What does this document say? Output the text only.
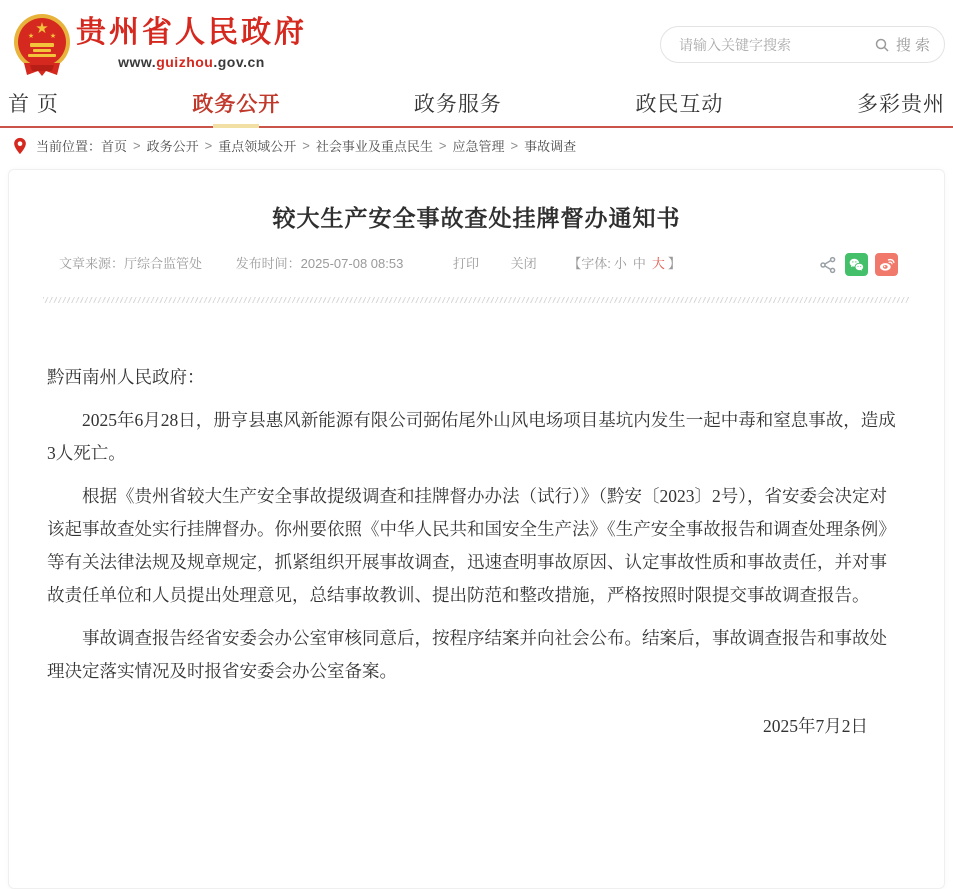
★
★ ★ 贵州省人民政府
www.guizhou.gov.cn
请输入关键字搜索
搜 索
首 页	政务公开	政务服务	政民互动	多彩贵州
当前位置： 首页 > 政务公开 > 重点领域公开 > 社会事业及重点民生 > 应急管理 > 事故调查
较大生产安全事故查处挂牌督办通知书
文章来源：厅综合监管处	发布时间：2025-07-08 08:53	打印 关闭 【字体: 小 中 大 】

黔西南州人民政府：

2025年6月28日，册亨县惠风新能源有限公司弼佑尾外山风电场项目基坑内发生一起中毒和窒息事故，造成3人死亡。

根据《贵州省较大生产安全事故提级调查和挂牌督办办法（试行）》（黔安〔2023〕2号），省安委会决定对该起事故查处实行挂牌督办。你州要依照《中华人民共和国安全生产法》《生产安全事故报告和调查处理条例》等有关法律法规及规章规定，抓紧组织开展事故调查，迅速查明事故原因、认定事故性质和事故责任，并对事故责任单位和人员提出处理意见，总结事故教训、提出防范和整改措施，严格按照时限提交事故调查报告。

事故调查报告经省安委会办公室审核同意后，按程序结案并向社会公布。结案后，事故调查报告和事故处理决定落实情况及时报省安委会办公室备案。

2025年7月2日
